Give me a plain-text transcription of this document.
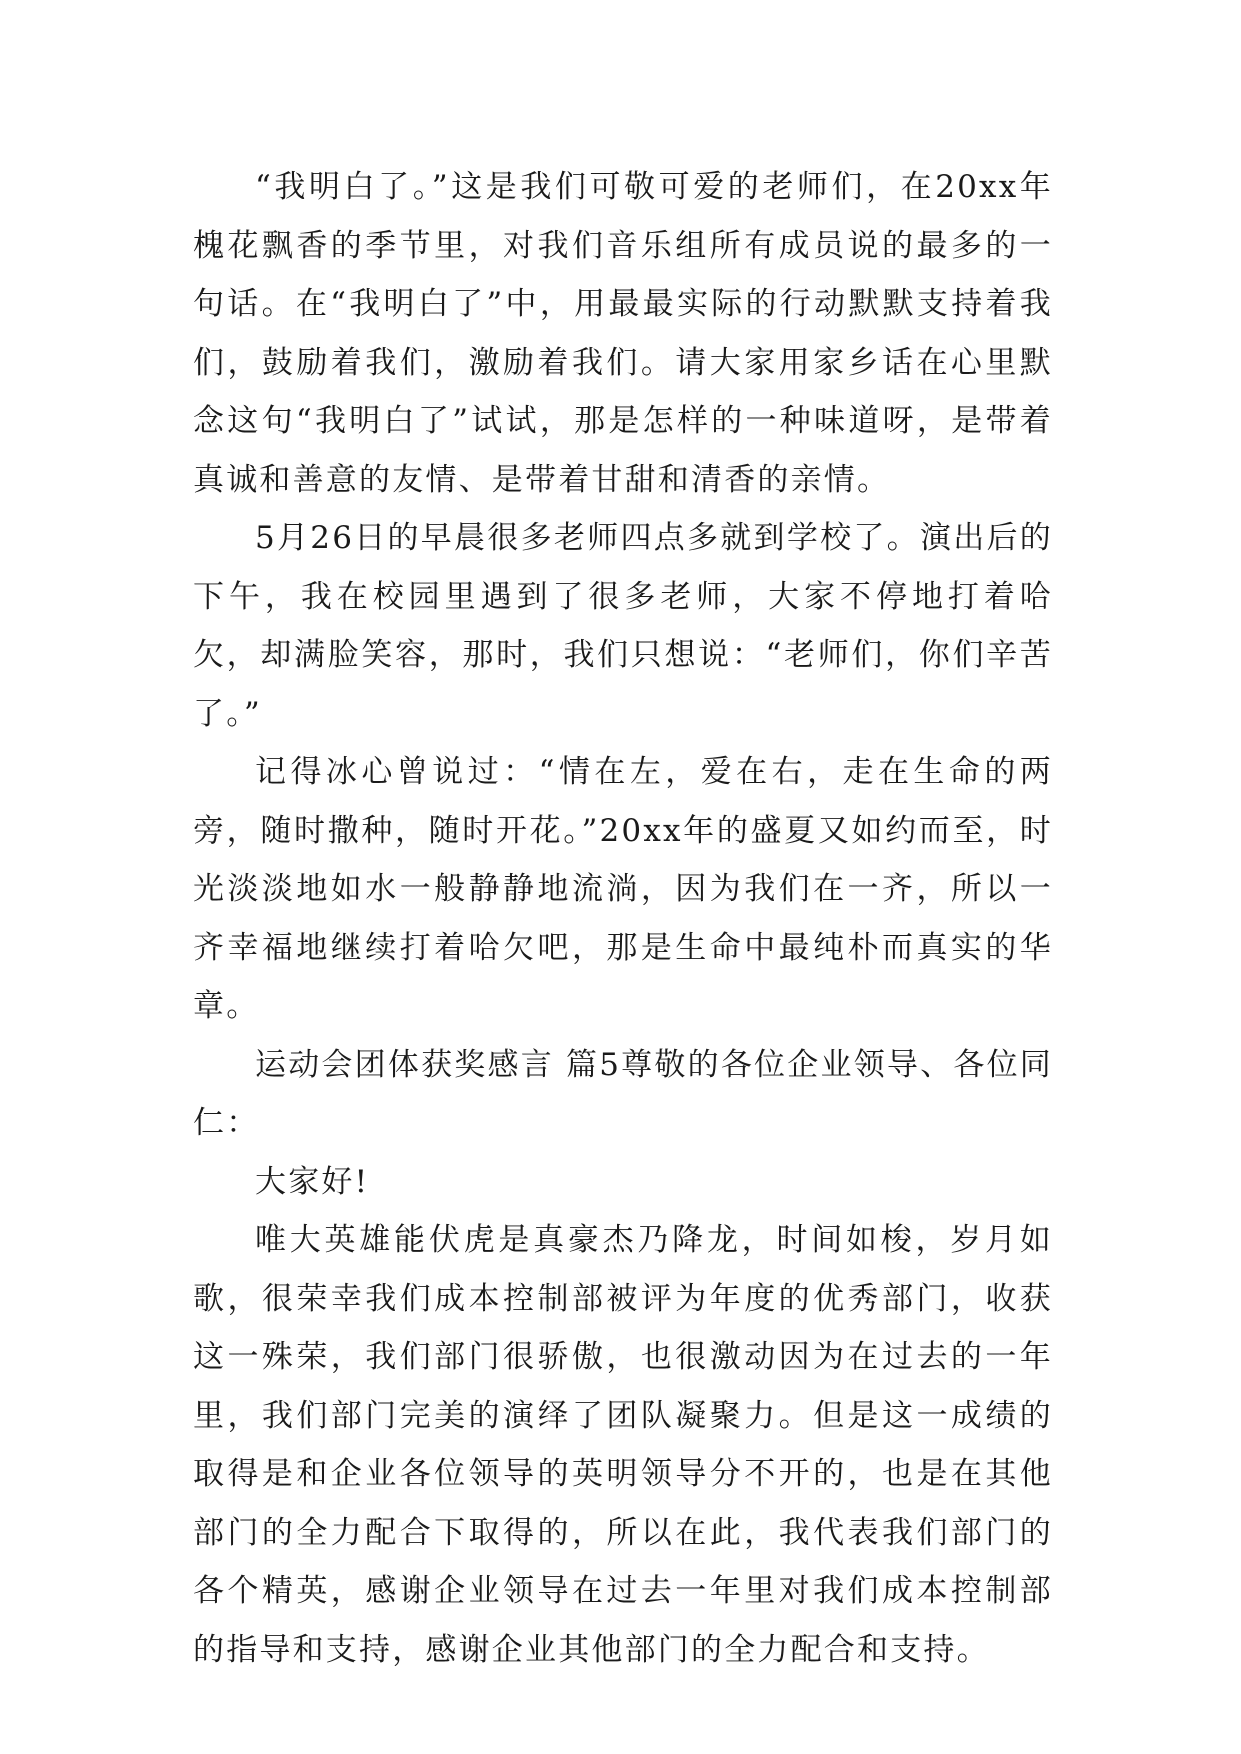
“我明白了。”这是我们可敬可爱的老师们，在20xx年槐花飘香的季节里，对我们音乐组所有成员说的最多的一句话。在“我明白了”中，用最最实际的行动默默支持着我们，鼓励着我们，激励着我们。请大家用家乡话在心里默念这句“我明白了”试试，那是怎样的一种味道呀，是带着真诚和善意的友情、是带着甘甜和清香的亲情。

5月26日的早晨很多老师四点多就到学校了。演出后的下午，我在校园里遇到了很多老师，大家不停地打着哈欠，却满脸笑容，那时，我们只想说：“老师们，你们辛苦了。”

记得冰心曾说过：“情在左，爱在右，走在生命的两旁，随时撒种，随时开花。”20xx年的盛夏又如约而至，时光淡淡地如水一般静静地流淌，因为我们在一齐，所以一齐幸福地继续打着哈欠吧，那是生命中最纯朴而真实的华章。

运动会团体获奖感言 篇5尊敬的各位企业领导、各位同仁：

大家好!

唯大英雄能伏虎是真豪杰乃降龙，时间如梭，岁月如歌，很荣幸我们成本控制部被评为年度的优秀部门，收获这一殊荣，我们部门很骄傲，也很激动因为在过去的一年里，我们部门完美的演绎了团队凝聚力。但是这一成绩的取得是和企业各位领导的英明领导分不开的，也是在其他部门的全力配合下取得的，所以在此，我代表我们部门的各个精英，感谢企业领导在过去一年里对我们成本控制部的指导和支持，感谢企业其他部门的全力配合和支持。
